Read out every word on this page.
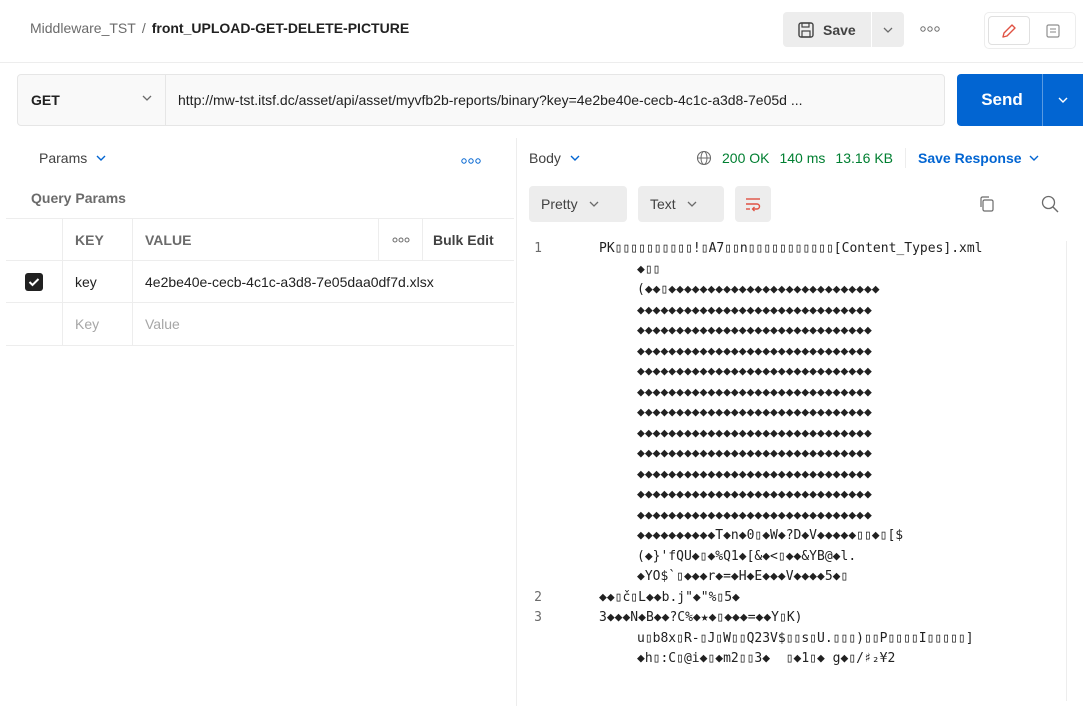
Middleware_TST / front_UPLOAD-GET-DELETE-PICTURE	Save
GET	http://mw-tst.itsf.dc/asset/api/asset/myvfb2b-reports/binary?key=4e2be40e-cecb-4c1c-a3d8-7e05d ...	Send
Params
Query Params
KEY	VALUE	Bulk Edit
key	4e2be40e-cecb-4c1c-a3d8-7e05daa0df7d.xlsx
Key	Value
Body	200 OK 140 ms 13.16 KB Save Response
Pretty	Text
1	PK▯▯▯▯▯▯▯▯▯▯!▯A7▯▯n▯▯▯▯▯▯▯▯▯▯▯[Content_Types].xml
◆▯▯
(◆◆▯◆◆◆◆◆◆◆◆◆◆◆◆◆◆◆◆◆◆◆◆◆◆◆◆◆◆◆
◆◆◆◆◆◆◆◆◆◆◆◆◆◆◆◆◆◆◆◆◆◆◆◆◆◆◆◆◆◆
◆◆◆◆◆◆◆◆◆◆◆◆◆◆◆◆◆◆◆◆◆◆◆◆◆◆◆◆◆◆
◆◆◆◆◆◆◆◆◆◆◆◆◆◆◆◆◆◆◆◆◆◆◆◆◆◆◆◆◆◆
◆◆◆◆◆◆◆◆◆◆◆◆◆◆◆◆◆◆◆◆◆◆◆◆◆◆◆◆◆◆
◆◆◆◆◆◆◆◆◆◆◆◆◆◆◆◆◆◆◆◆◆◆◆◆◆◆◆◆◆◆
◆◆◆◆◆◆◆◆◆◆◆◆◆◆◆◆◆◆◆◆◆◆◆◆◆◆◆◆◆◆
◆◆◆◆◆◆◆◆◆◆◆◆◆◆◆◆◆◆◆◆◆◆◆◆◆◆◆◆◆◆
◆◆◆◆◆◆◆◆◆◆◆◆◆◆◆◆◆◆◆◆◆◆◆◆◆◆◆◆◆◆
◆◆◆◆◆◆◆◆◆◆◆◆◆◆◆◆◆◆◆◆◆◆◆◆◆◆◆◆◆◆
◆◆◆◆◆◆◆◆◆◆◆◆◆◆◆◆◆◆◆◆◆◆◆◆◆◆◆◆◆◆
◆◆◆◆◆◆◆◆◆◆◆◆◆◆◆◆◆◆◆◆◆◆◆◆◆◆◆◆◆◆
◆◆◆◆◆◆◆◆◆◆T◆n◆0▯◆W◆?D◆V◆◆◆◆◆▯▯◆▯[$
(◆}'fQU◆▯◆%Q1◆[&◆<▯◆◆&YB@◆l.
◆YO$`▯◆◆◆r◆=◆H◆E◆◆◆V◆◆◆◆5◆▯
2	◆◆▯č▯L◆◆b.j"◆"%▯5◆
3	3◆◆◆N◆B◆◆?C%◆★◆▯◆◆◆=◆◆Y▯K)
u▯b8x▯R-▯J▯W▯▯Q23V$▯▯s▯U.▯▯▯)▯▯P▯▯▯▯I▯▯▯▯▯]
◆h▯:C▯@i◆▯◆m2▯▯3◆  ▯◆1▯◆ g◆▯/♯₂¥2
